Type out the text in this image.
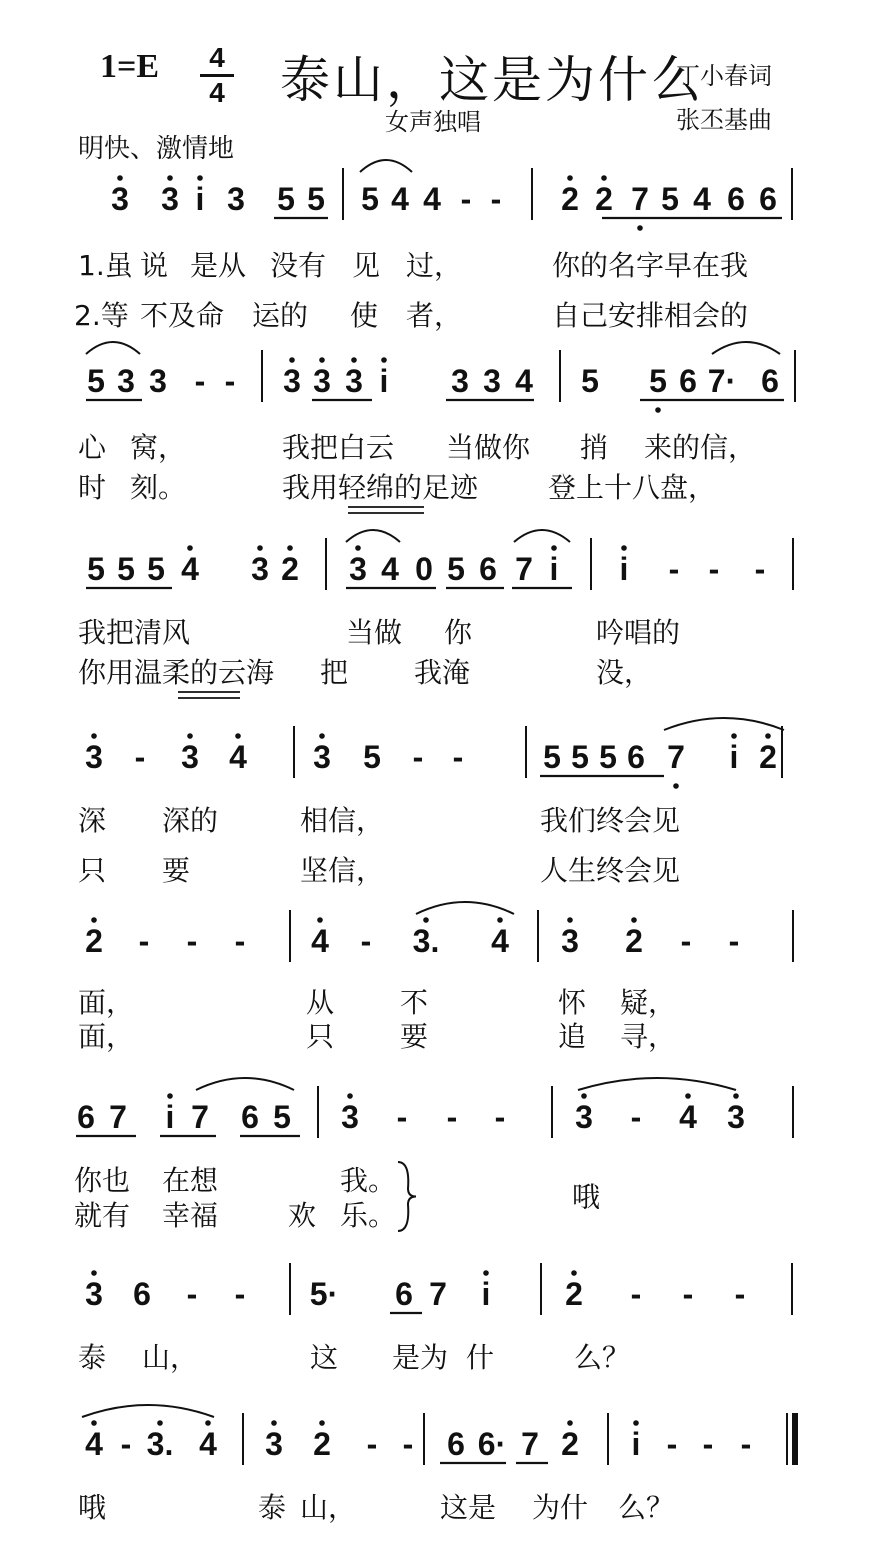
1=E	4
4 泰山，这是为什么
丁小春词
张丕基曲
女声独唱
明快、激情地
3 3 i 3 5 5 5 4 4 - - 2 2 7 5 4 6 6
1.虽 说 是从 没有 见 过，	你的名字早在我
2.等 不及命 运的 使 者，	自己安排相会的
5 3 3 - - 3 3 3 i 3 3 4 5 5 6 7· 6
心 窝，	我把白云 当做你 捎 来的信，
时 刻。	我用轻绵的足迹 登上十八盘，
5 5 5 4 3 2 3 4 0 5 6 7 i i - - -
我把清风	当做 你	吟唱的
你用温柔的云海 把 我淹	没，
3 - 3 4 3 5 - - 5 5 5 6 7 i 2
深 深的	相信，	我们终会见
只 要	坚信，	人生终会见
2 - - - 4 - 3. 4 3 2 - -
面，	从 不	怀 疑，
面，	只 要	追 寻，
6 7 i 7 6 5 3 - - - 3 - 4 3
你也 在想	我。
就有 幸福 欢 乐。
哦
3 6 - - 5· 6 7 i 2 - - -
泰 山，	这 是为 什	么？
4 - 3. 4 3 2 - - 6 6· 7 2 i - - -
哦	泰 山，	这是 为什 么？
